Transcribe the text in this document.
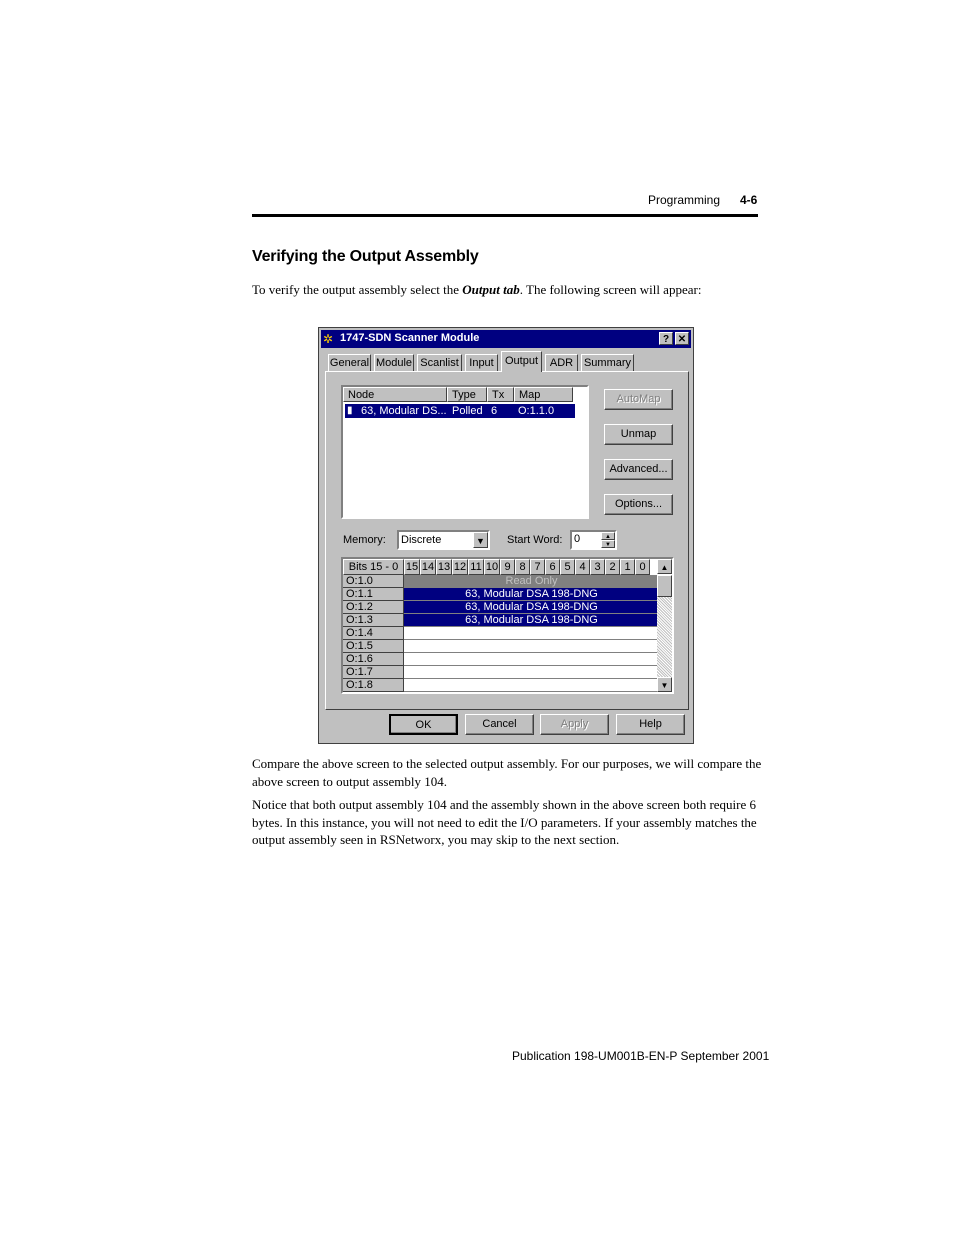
Programming 4-6
Verifying the Output Assembly
To verify the output assembly select the Output tab. The following screen will appear:
✲ 1747-SDN Scanner Module	? ✕
General Module Scanlist Input	Output	ADR Summary
Node	Type	Tx	Map
▮ 63, Modular DS... Polled 6 O:1.1.0
AutoMap
Unmap
Advanced...
Options...
Memory: Discrete	▼ Start Word: 0	▲
▼
Bits 15 - 0 15 14 13 12 11 10 9 8 7 6 5 4 3 2 1 0
O:1.0	Read Only
O:1.1	63, Modular DSA 198-DNG
O:1.2	63, Modular DSA 198-DNG
O:1.3	63, Modular DSA 198-DNG
O:1.4
O:1.5
O:1.6
O:1.7
O:1.8
▲
▼
OK	Cancel	Apply	Help
Compare the above screen to the selected output assembly. For our purposes, we will compare the above screen to output assembly 104.
Notice that both output assembly 104 and the assembly shown in the above screen both require 6 bytes. In this instance, you will not need to edit the I/O parameters. If your assembly matches the output assembly seen in RSNetworx, you may skip to the next section.
Publication 198-UM001B-EN-P September 2001
